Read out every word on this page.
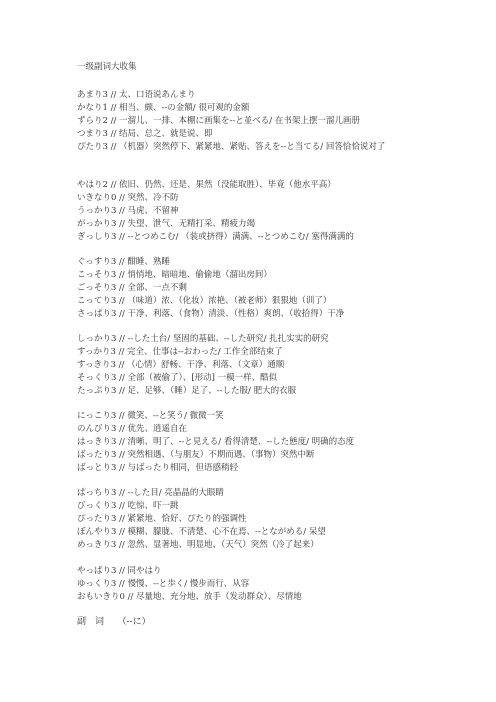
一级副词大收集
あまり3 // 太、口语说あんまり
かなり1 // 相当、颇、--の金額/ 很可观的金额
ずらり2 // 一溜儿、一排、本棚に画集を--と並べる/ 在书架上摆一溜儿画册
つまり3 // 结局、总之、就是说、即
ぴたり3 // （机器）突然停下、紧紧地、紧贴、答えを--と当てる/ 回答恰恰说对了
やはり2 // 依旧、仍然、还是、果然（没能取胜）、毕竟（他水平高）
いきなり0 // 突然、冷不防
うっかり3 // 马虎、不留神
がっかり3 // 失望、泄气、无精打采、精疲力竭
ぎっしり3 // --とつめこむ/ （装或挤得）满满、--とつめこむ/ 塞得满满的
ぐっすり3 // 酣睡、熟睡
こっそり3 // 悄悄地、暗暗地、偷偷地（溜出房间）
ごっそり3 // 全部、一点不剩
こってり3 // （味道）浓、（化妆）浓艳、（被老师）狠狠地（训了）
さっぱり3 // 干净、利落、（食物）清淡、（性格）爽朗、（收拾得）干净
しっかり3 // --した土台/ 坚固的基础、--した研究/ 扎扎实实的研究
すっかり3 // 完全、仕事は--おわった/ 工作全部结束了
すっきり3 // （心情）舒畅、干净、利落、（文章）通顺
そっくり3 // 全部（被偷了）、[形动] 一模一样、酷似
たっぷり3 // 足、足够、（睡）足了、--した服/ 肥大的衣服
にっこり3 // 微笑、--と笑う/ 微微一笑
のんびり3 // 优先、逍遥自在
はっきり3 // 清晰、明了、--と見える/ 看得清楚、--した態度/ 明确的态度
ばったり3 // 突然相遇、（与朋友）不期而遇、（事物）突然中断
ばっとり3 // 与ばったり相同，但语感稍轻
ぱっちり3 // --した目/ 亮晶晶的大眼睛
びっくり3 // 吃惊、吓一跳
ぴったり3 // 紧紧地、恰好、ぴたり的强调性
ぼんやり3 // 模糊、朦胧、不清楚、心不在焉、--とながめる/ 呆望
めっきり3 // 忽然、显著地、明显地、（天气）突然（冷了起来）
やっぱり3 // 同やはり
ゆっくり3 // 慢慢、--と歩く/ 慢步而行、从容
おもいきり0 // 尽量地、充分地、放手（发动群众）、尽情地
副　词　　（--に）
